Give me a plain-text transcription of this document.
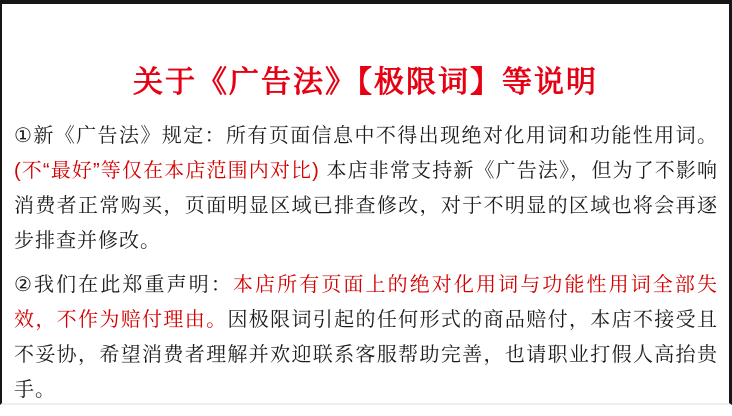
关于《广告法》【极限词】等说明

①新《广告法》规定：所有页面信息中不得出现绝对化用词和功能性用词。(不“最好”等仅在本店范围内对比) 本店非常支持新《广告法》，但为了不影响消费者正常购买，页面明显区域已排查修改，对于不明显的区域也将会再逐步排查并修改。

②我们在此郑重声明：本店所有页面上的绝对化用词与功能性用词全部失效，不作为赔付理由。因极限词引起的任何形式的商品赔付，本店不接受且不妥协，希望消费者理解并欢迎联系客服帮助完善，也请职业打假人高抬贵手。
